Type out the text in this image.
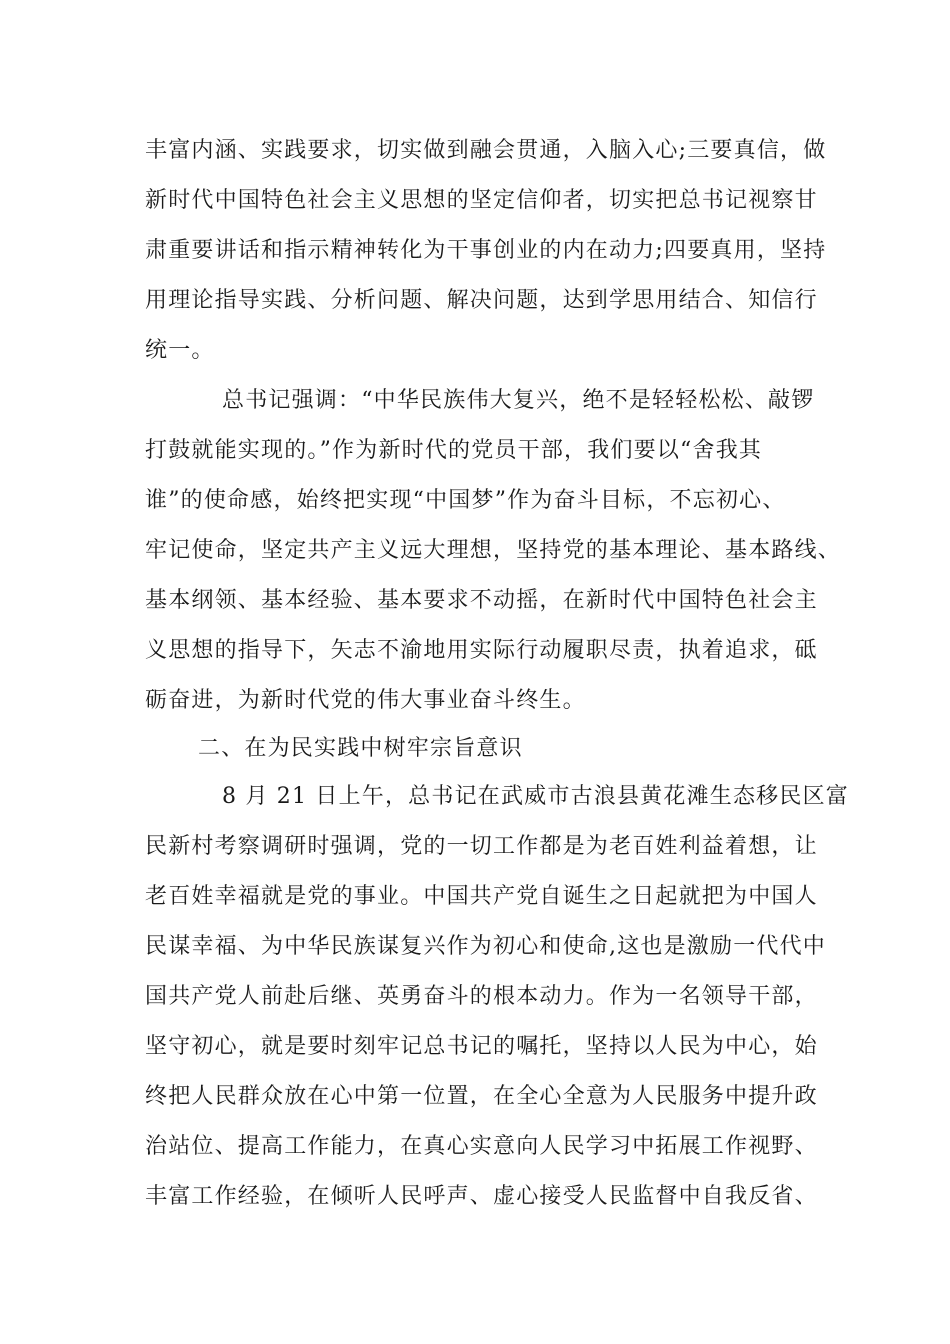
丰富内涵、实践要求，切实做到融会贯通，入脑入心;三要真信，做
新时代中国特色社会主义思想的坚定信仰者，切实把总书记视察甘
肃重要讲话和指示精神转化为干事创业的内在动力;四要真用，坚持
用理论指导实践、分析问题、解决问题，达到学思用结合、知信行
统一。
总书记强调：“中华民族伟大复兴，绝不是轻轻松松、敲锣
打鼓就能实现的。”作为新时代的党员干部，我们要以“舍我其
谁”的使命感，始终把实现“中国梦”作为奋斗目标，不忘初心、
牢记使命，坚定共产主义远大理想，坚持党的基本理论、基本路线、
基本纲领、基本经验、基本要求不动摇，在新时代中国特色社会主
义思想的指导下，矢志不渝地用实际行动履职尽责，执着追求，砥
砺奋进，为新时代党的伟大事业奋斗终生。
二、在为民实践中树牢宗旨意识
8 月 21 日上午，总书记在武威市古浪县黄花滩生态移民区富
民新村考察调研时强调，党的一切工作都是为老百姓利益着想，让
老百姓幸福就是党的事业。中国共产党自诞生之日起就把为中国人
民谋幸福、为中华民族谋复兴作为初心和使命,这也是激励一代代中
国共产党人前赴后继、英勇奋斗的根本动力。作为一名领导干部，
坚守初心，就是要时刻牢记总书记的嘱托，坚持以人民为中心，始
终把人民群众放在心中第一位置，在全心全意为人民服务中提升政
治站位、提高工作能力，在真心实意向人民学习中拓展工作视野、
丰富工作经验，在倾听人民呼声、虚心接受人民监督中自我反省、
